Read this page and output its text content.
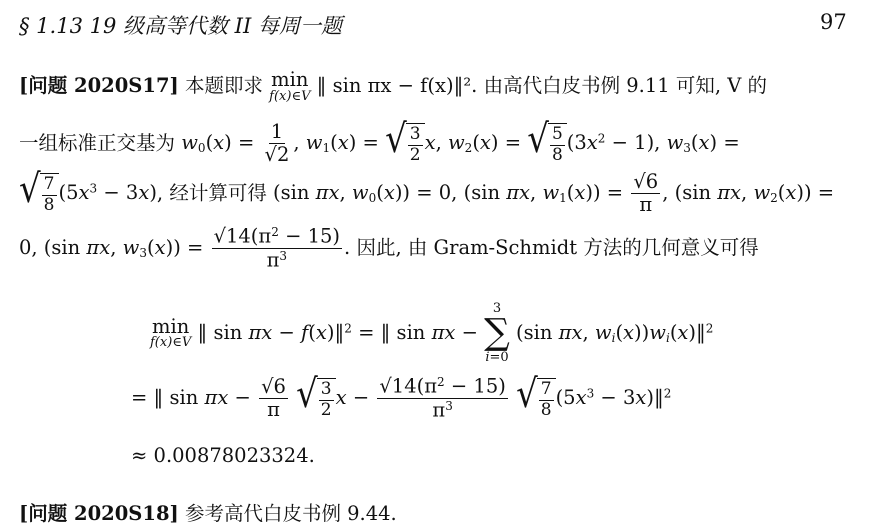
§ 1.13 19 级高等代数 II 每周一题	97
[问题 2020S17] 本题即求 min
f(x)∈V ‖ sin πx − f(x)‖². 由高代白皮书例 9.11 可知, V 的
一组标准正交基为 $w_0(x) = \frac{1}{√2}$ , $w_1(x)$ = √ $\frac{3}{2} x$, $w_2(x)$ = √ $\frac{5}{8} (3x^2 - 1)$, $w_3(x)$ =
√ $\frac{7}{8} (5x^3 - 3x)$, 经计算可得 (sin πx, $w_0(x)) = 0$, (sin πx, $w_1(x)) = \frac{√6}{\pi}$ , (sin πx, $w_2(x)$) =
0, (sin πx, $w_3(x)) = \frac{√14(\pi^2 - 15)}{\pi^3}$ . 因此, 由 Gram-Schmidt 方法的几何意义可得
min
f(x)∈V ‖ sin πx − f(x)‖$^2$ = ‖ sin πx −
3
∑
i=0
(sin πx, $w_i(x))w_i(x)‖^2$
= ‖ $\sin \pi x - \frac{√6}{\pi}$
√ $\frac{3}{2}$ $x - \frac{√14(\pi^2 - 15)}{\pi^3}$
√ $\frac{7}{8} (5x^3$ − 3x)‖$^2$
≈ 0.00878023324.
[问题 2020S18] 参考高代白皮书例 9.44.
